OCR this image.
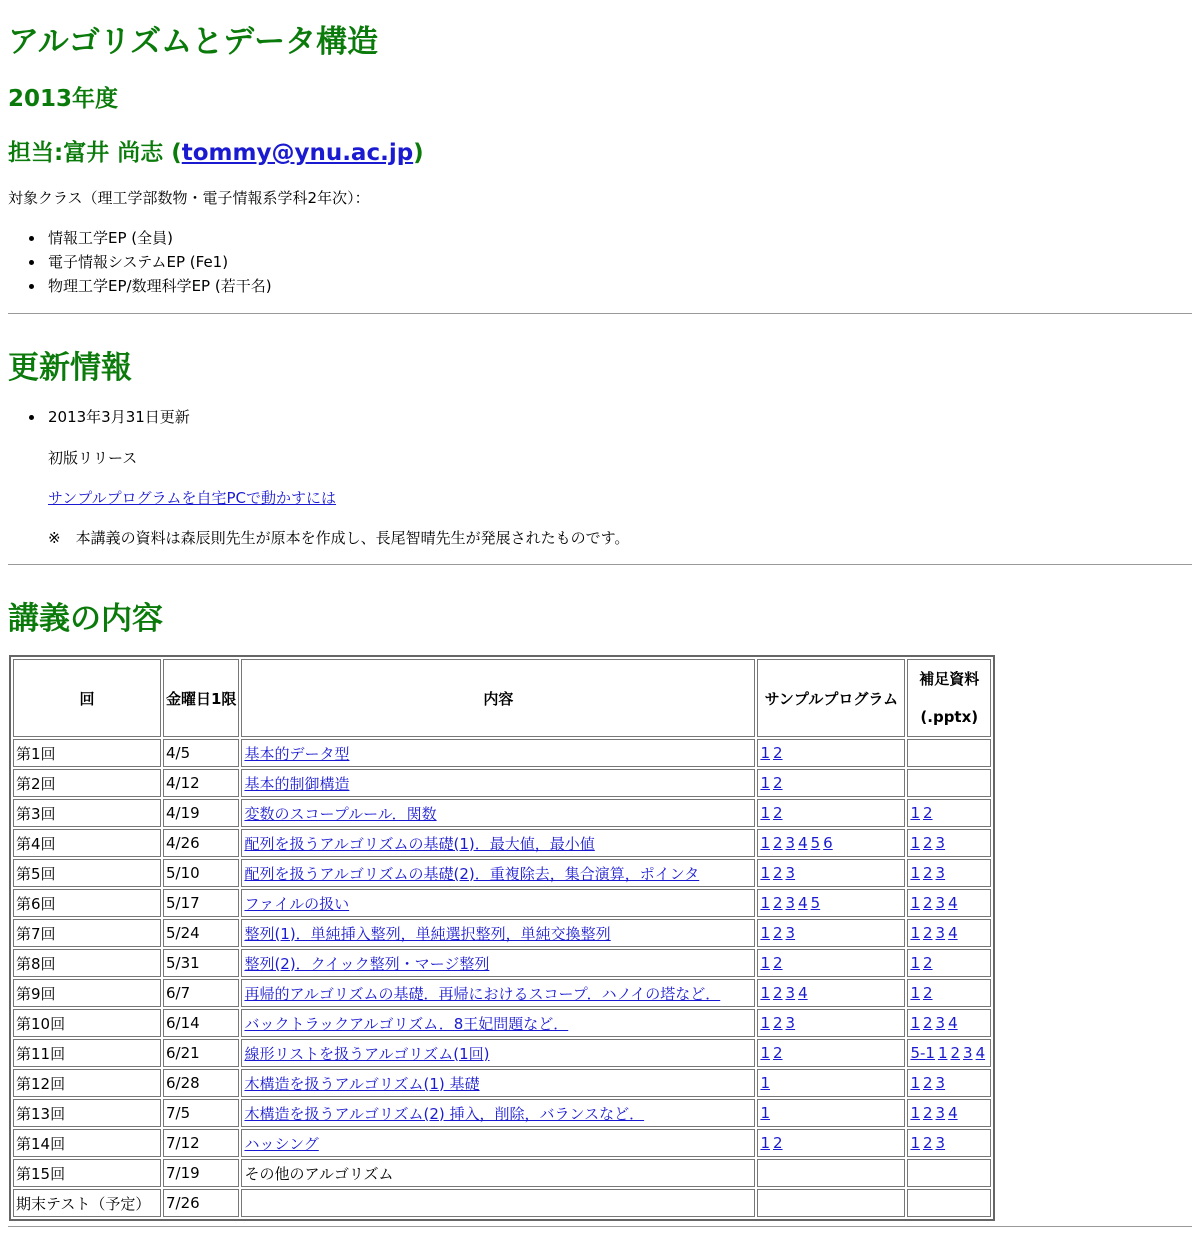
アルゴリズムとデータ構造
2013年度
担当:富井 尚志 (tommy@ynu.ac.jp)
対象クラス（理工学部数物・電子情報系学科2年次）：
情報工学EP (全員)
電子情報システムEP (Fe1)
物理工学EP/数理科学EP (若干名)
更新情報
2013年3月31日更新
初版リリース
サンプルプログラムを自宅PCで動かすには
※　本講義の資料は森辰則先生が原本を作成し、長尾智晴先生が発展されたものです。
講義の内容
回	金曜日1限	内容	サンプルプログラム	補足資料
(.pptx)
第1回	4/5	基本的データ型	1 2	
第2回	4/12	基本的制御構造	1 2	
第3回	4/19	変数のスコープルール．関数	1 2	1 2
第4回	4/26	配列を扱うアルゴリズムの基礎(1)．最大値，最小値	1 2 3 4 5 6	1 2 3
第5回	5/10	配列を扱うアルゴリズムの基礎(2)．重複除去，集合演算，ポインタ	1 2 3	1 2 3
第6回	5/17	ファイルの扱い	1 2 3 4 5	1 2 3 4
第7回	5/24	整列(1)．単純挿入整列，単純選択整列，単純交換整列	1 2 3	1 2 3 4
第8回	5/31	整列(2)．クイック整列・マージ整列	1 2	1 2
第9回	6/7	再帰的アルゴリズムの基礎．再帰におけるスコープ．ハノイの塔など．	1 2 3 4	1 2
第10回	6/14	バックトラックアルゴリズム．8王妃問題など．	1 2 3	1 2 3 4
第11回	6/21	線形リストを扱うアルゴリズム(1回)	1 2	5-1 1 2 3 4
第12回	6/28	木構造を扱うアルゴリズム(1) 基礎	1	1 2 3
第13回	7/5	木構造を扱うアルゴリズム(2) 挿入，削除，バランスなど．	1	1 2 3 4
第14回	7/12	ハッシング	1 2	1 2 3
第15回	7/19	その他のアルゴリズム		
期末テスト（予定）	7/26			
